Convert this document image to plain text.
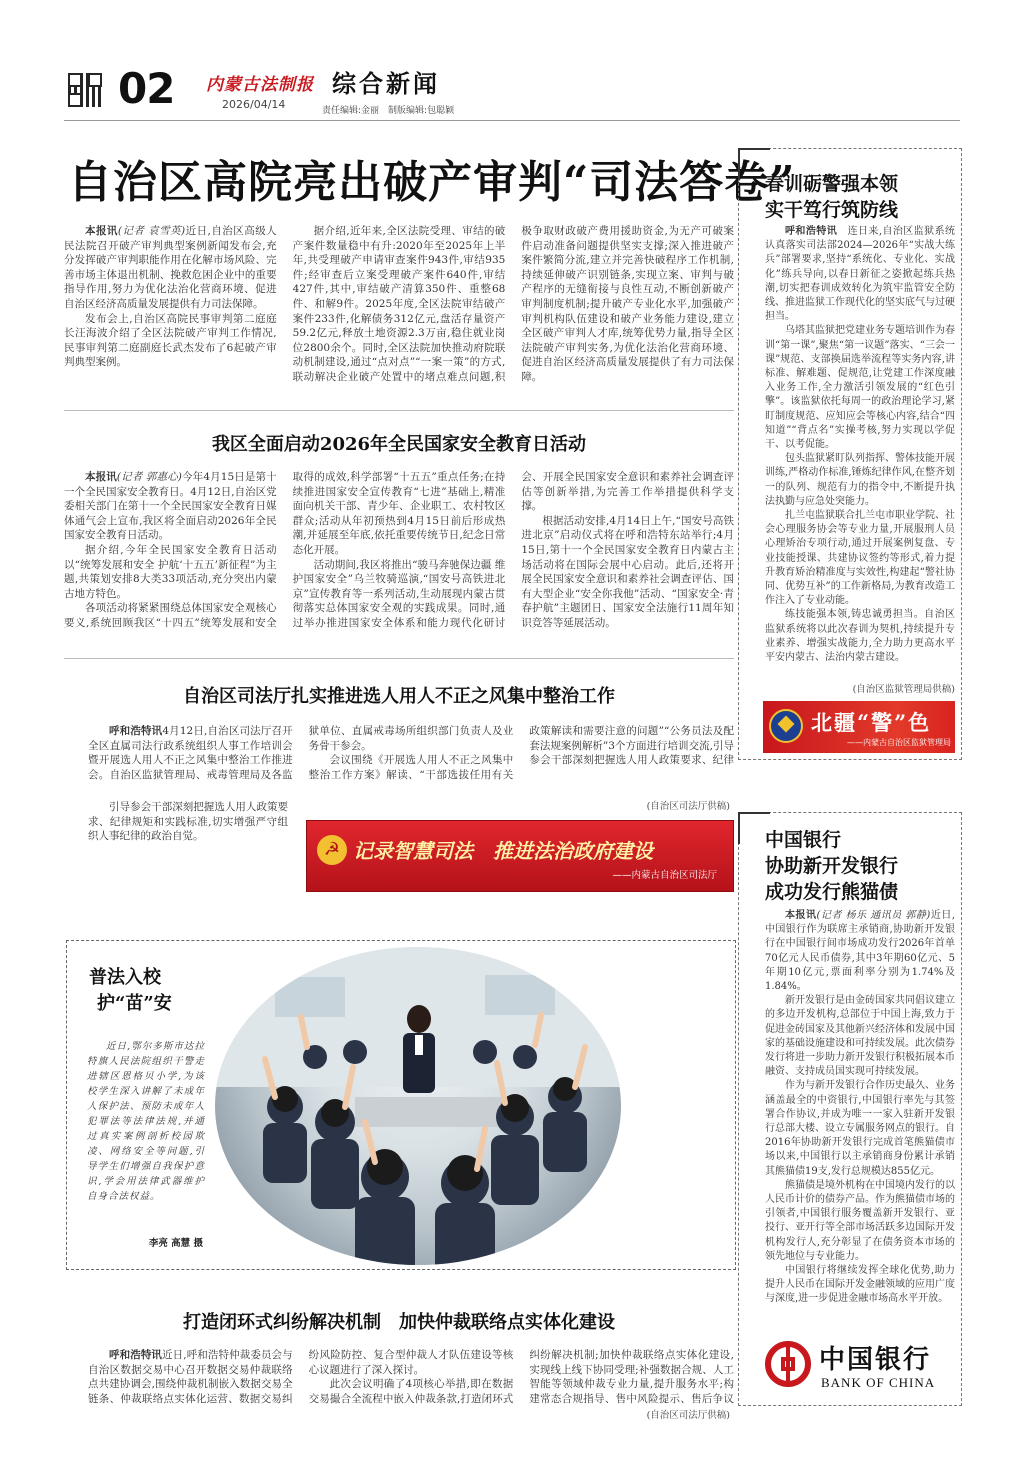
02 内蒙古法制报
2026/04/14
综合新闻
责任编辑:金丽　制版编辑:包聪颖
自治区高院亮出破产审判“司法答卷”

本报讯(记者 袁雪英)近日,自治区高级人民法院召开破产审判典型案例新闻发布会,充分发挥破产审判职能作用在化解市场风险、完善市场主体退出机制、挽救危困企业中的重要指导作用,努力为优化法治化营商环境、促进自治区经济高质量发展提供有力司法保障。

发布会上,自治区高院民事审判第二庭庭长汪海波介绍了全区法院破产审判工作情况,民事审判第二庭副庭长武杰发布了6起破产审判典型案例。

据介绍,近年来,全区法院受理、审结的破产案件数量稳中有升:2020年至2025年上半年,共受理破产申请审查案件943件,审结935件;经审查后立案受理破产案件640件,审结427件,其中,审结破产清算350件、重整68件、和解9件。2025年度,全区法院审结破产案件233件,化解债务312亿元,盘活存量资产59.2亿元,释放土地资源2.3万亩,稳住就业岗位2800余个。同时,全区法院加快推动府院联动机制建设,通过“点对点”“一案一策”的方式,联动解决企业破产处置中的堵点难点问题,积极争取财政破产费用援助资金,为无产可破案件启动准备问题提供坚实支撑;深入推进破产案件繁简分流,建立并完善快破程序工作机制,持续延伸破产识别链条,实现立案、审判与破产程序的无缝衔接与良性互动,不断创新破产审判制度机制;提升破产专业化水平,加强破产审判机构队伍建设和破产业务能力建设,建立全区破产审判人才库,统筹优势力量,指导全区法院破产审判实务,为优化法治化营商环境、促进自治区经济高质量发展提供了有力司法保障。

我区全面启动2026年全民国家安全教育日活动

本报讯(记者 郭惠心)今年4月15日是第十一个全民国家安全教育日。4月12日,自治区党委相关部门在第十一个全民国家安全教育日媒体通气会上宣布,我区将全面启动2026年全民国家安全教育日活动。

据介绍,今年全民国家安全教育日活动以“统筹发展和安全 护航‘十五五’新征程”为主题,共策划安排8大类33项活动,充分突出内蒙古地方特色。

各项活动将紧紧围绕总体国家安全观核心要义,系统回顾我区“十四五”统筹发展和安全取得的成效,科学部署“十五五”重点任务;在持续推进国家安全宣传教育“七进”基础上,精准面向机关干部、青少年、企业职工、农村牧区群众;活动从年初预热到4月15日前后形成热潮,并延展至年底,依托重要传统节日,纪念日常态化开展。

活动期间,我区将推出“骏马奔驰保边疆 维护国家安全”乌兰牧骑巡演,“国安号高铁进北京”宣传教育等一系列活动,生动展现内蒙古贯彻落实总体国家安全观的实践成果。同时,通过举办推进国家安全体系和能力现代化研讨会、开展全民国家安全意识和素养社会调查评估等创新举措,为完善工作举措提供科学支撑。

根据活动安排,4月14日上午,“国安号高铁进北京”启动仪式将在呼和浩特东站举行;4月15日,第十一个全民国家安全教育日内蒙古主场活动将在国际会展中心启动。此后,还将开展全民国家安全意识和素养社会调查评估、国有大型企业“安全你我他”活动、“国家安全·青春护航”主题团日、国家安全法施行11周年知识竞答等延展活动。

自治区司法厅扎实推进选人用人不正之风集中整治工作

呼和浩特讯4月12日,自治区司法厅召开全区直属司法行政系统组织人事工作培训会暨开展选人用人不正之风集中整治工作推进会。自治区监狱管理局、戒毒管理局及各监狱单位、直属戒毒场所组织部门负责人及业务骨干参会。

会议围绕《开展选人用人不正之风集中整治工作方案》解读、“干部选拔任用有关政策解读和需要注意的问题”“公务员法及配套法规案例解析”3个方面进行培训交流,引导参会干部深刻把握选人用人政策要求、纪律

　　引导参会干部深刻把握选人用人政策要求、纪律规矩和实践标准,切实增强严守组织人事纪律的政治自觉。

(自治区司法厅供稿)
☭ 记录智慧司法　推进法治政府建设
——内蒙古自治区司法厅
普法入校
护“苗”安
近日,鄂尔多斯市达拉特旗人民法院组织干警走进辖区恩格贝小学,为该校学生深入讲解了未成年人保护法、预防未成年人犯罪法等法律法规,并通过真实案例剖析校园欺凌、网络安全等问题,引导学生们增强自我保护意识,学会用法律武器维护自身合法权益。
李亮 高慧 摄
打造闭环式纠纷解决机制　加快仲裁联络点实体化建设

呼和浩特讯近日,呼和浩特仲裁委员会与自治区数据交易中心召开数据交易仲裁联络点共建协调会,围绕仲裁机制嵌入数据交易全链条、仲裁联络点实体化运营、数据交易纠纷风险防控、复合型仲裁人才队伍建设等核心议题进行了深入探讨。

此次会议明确了4项核心举措,即在数据交易撮合全流程中嵌入仲裁条款,打造闭环式纠纷解决机制;加快仲裁联络点实体化建设,实现线上线下协同受理;补强数据合规、人工智能等领域仲裁专业力量,提升服务水平;构建常态合规指导、售中风险提示、售后争议

(自治区司法厅供稿)
春训砺警强本领
实干笃行筑防线

呼和浩特讯　 连日来,自治区监狱系统认真落实司法部2024—2026年“实战大练兵”部署要求,坚持“系统化、专业化、实战化”练兵导向,以春日新征之姿掀起练兵热潮,切实把春训成效转化为筑牢监管安全防线、推进监狱工作现代化的坚实底气与过硬担当。

乌塔其监狱把党建业务专题培训作为春训“第一课”,聚焦“第一议题”落实、“三会一课”规范、支部换届选举流程等实务内容,讲标准、解难题、促规范,让党建工作深度融入业务工作,全力激活引领发展的“红色引擎”。该监狱依托每周一的政治理论学习,紧盯制度规范、应知应会等核心内容,结合“四知道”“背点名”实操考核,努力实现以学促干、以考促能。

包头监狱紧盯队列指挥、警体技能开展训练,严格动作标准,锤炼纪律作风,在整齐划一的队列、规范有力的指令中,不断提升执法执勤与应急处突能力。

扎兰屯监狱联合扎兰屯市职业学院、社会心理服务协会等专业力量,开展服刑人员心理矫治专项行动,通过开展案例复盘、专业技能授课、共建协议签约等形式,着力提升教育矫治精准度与实效性,构建起“警社协同、优势互补”的工作新格局,为教育改造工作注入了专业动能。

练技能强本领,铸忠诚勇担当。自治区监狱系统将以此次春训为契机,持续提升专业素养、增强实战能力,全力助力更高水平平安内蒙古、法治内蒙古建设。

(自治区监狱管理局供稿)
北疆“警”色
——内蒙古自治区监狱管理局
中国银行
协助新开发银行
成功发行熊猫债

本报讯(记者 杨乐 通讯员 郭静)近日,中国银行作为联席主承销商,协助新开发银行在中国银行间市场成功发行2026年首单70亿元人民币债券,其中3年期60亿元、5年期10亿元,票面利率分别为1.74%及1.84%。

新开发银行是由金砖国家共同倡议建立的多边开发机构,总部位于中国上海,致力于促进金砖国家及其他新兴经济体和发展中国家的基础设施建设和可持续发展。此次债券发行将进一步助力新开发银行积极拓展本币融资、支持成员国实现可持续发展。

作为与新开发银行合作历史最久、业务涵盖最全的中资银行,中国银行率先与其签署合作协议,并成为唯一一家入驻新开发银行总部大楼、设立专属服务网点的银行。自2016年协助新开发银行完成首笔熊猫债市场以来,中国银行以主承销商身份累计承销其熊猫债19支,发行总规模达855亿元。

熊猫债是境外机构在中国境内发行的以人民币计价的债券产品。作为熊猫债市场的引领者,中国银行服务覆盖新开发银行、亚投行、亚开行等全部市场活跃多边国际开发机构发行人,充分彰显了在债务资本市场的领先地位与专业能力。

中国银行将继续发挥全球化优势,助力提升人民币在国际开发金融领域的应用广度与深度,进一步促进金融市场高水平开放。

中国银行
BANK OF CHINA
